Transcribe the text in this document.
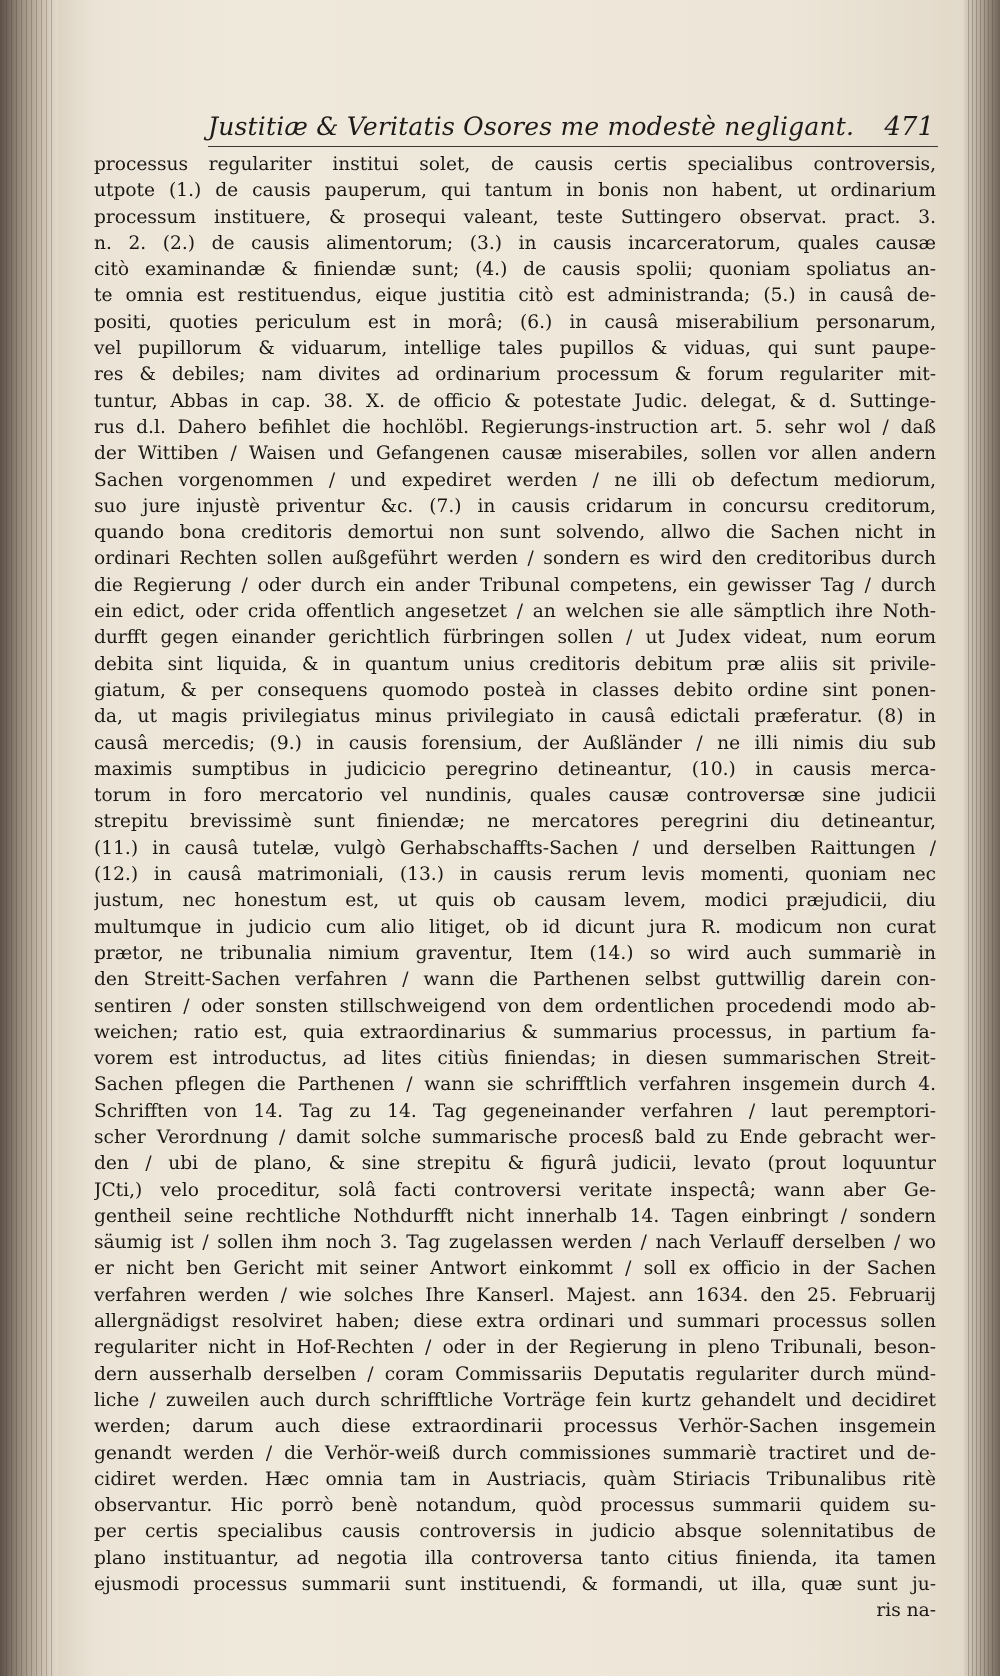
Justitiæ & Veritatis Osores me modestè negligant. 471
processus regulariter institui solet, de causis certis specialibus controversis,
utpote (1.) de causis pauperum, qui tantum in bonis non habent, ut ordinarium
processum instituere, & prosequi valeant, teste Suttingero observat. pract. 3.
n. 2. (2.) de causis alimentorum; (3.) in causis incarceratorum, quales causæ
citò examinandæ & finiendæ sunt; (4.) de causis spolii; quoniam spoliatus an-
te omnia est restituendus, eique justitia citò est administranda; (5.) in causâ de-
positi, quoties periculum est in morâ; (6.) in causâ miserabilium personarum,
vel pupillorum & viduarum, intellige tales pupillos & viduas, qui sunt paupe-
res & debiles; nam divites ad ordinarium processum & forum regulariter mit-
tuntur, Abbas in cap. 38. X. de officio & potestate Judic. delegat, & d. Suttinge-
rus d.l. Dahero befihlet die hochlöbl. Regierungs-instruction art. 5. sehr wol / daß
der Wittiben / Waisen und Gefangenen causæ miserabiles, sollen vor allen andern
Sachen vorgenommen / und expediret werden / ne illi ob defectum mediorum,
suo jure injustè priventur &c. (7.) in causis cridarum in concursu creditorum,
quando bona creditoris demortui non sunt solvendo, allwo die Sachen nicht in
ordinari Rechten sollen außgeführt werden / sondern es wird den creditoribus durch
die Regierung / oder durch ein ander Tribunal competens, ein gewisser Tag / durch
ein edict, oder crida offentlich angesetzet / an welchen sie alle sämptlich ihre Noth-
durfft gegen einander gerichtlich fürbringen sollen / ut Judex videat, num eorum
debita sint liquida, & in quantum unius creditoris debitum præ aliis sit privile-
giatum, & per consequens quomodo posteà in classes debito ordine sint ponen-
da, ut magis privilegiatus minus privilegiato in causâ edictali præferatur. (8) in
causâ mercedis; (9.) in causis forensium, der Außländer / ne illi nimis diu sub
maximis sumptibus in judicicio peregrino detineantur, (10.) in causis merca-
torum in foro mercatorio vel nundinis, quales causæ controversæ sine judicii
strepitu brevissimè sunt finiendæ; ne mercatores peregrini diu detineantur,
(11.) in causâ tutelæ, vulgò Gerhabschaffts-Sachen / und derselben Raittungen /
(12.) in causâ matrimoniali, (13.) in causis rerum levis momenti, quoniam nec
justum, nec honestum est, ut quis ob causam levem, modici præjudicii, diu
multumque in judicio cum alio litiget, ob id dicunt jura R. modicum non curat
prætor, ne tribunalia nimium graventur, Item (14.) so wird auch summariè in
den Streitt-Sachen verfahren / wann die Parthenen selbst guttwillig darein con-
sentiren / oder sonsten stillschweigend von dem ordentlichen procedendi modo ab-
weichen; ratio est, quia extraordinarius & summarius processus, in partium fa-
vorem est introductus, ad lites citiùs finiendas; in diesen summarischen Streit-
Sachen pflegen die Parthenen / wann sie schrifftlich verfahren insgemein durch 4.
Schrifften von 14. Tag zu 14. Tag gegeneinander verfahren / laut peremptori-
scher Verordnung / damit solche summarische procesß bald zu Ende gebracht wer-
den / ubi de plano, & sine strepitu & figurâ judicii, levato (prout loquuntur
JCti,) velo proceditur, solâ facti controversi veritate inspectâ; wann aber Ge-
gentheil seine rechtliche Nothdurfft nicht innerhalb 14. Tagen einbringt / sondern
säumig ist / sollen ihm noch 3. Tag zugelassen werden / nach Verlauff derselben / wo
er nicht ben Gericht mit seiner Antwort einkommt / soll ex officio in der Sachen
verfahren werden / wie solches Ihre Kanserl. Majest. ann 1634. den 25. Februarij
allergnädigst resolviret haben; diese extra ordinari und summari processus sollen
regulariter nicht in Hof-Rechten / oder in der Regierung in pleno Tribunali, beson-
dern ausserhalb derselben / coram Commissariis Deputatis regulariter durch münd-
liche / zuweilen auch durch schrifftliche Vorträge fein kurtz gehandelt und decidiret
werden; darum auch diese extraordinarii processus Verhör-Sachen insgemein
genandt werden / die Verhör-weiß durch commissiones summariè tractiret und de-
cidiret werden. Hæc omnia tam in Austriacis, quàm Stiriacis Tribunalibus ritè
observantur. Hic porrò benè notandum, quòd processus summarii quidem su-
per certis specialibus causis controversis in judicio absque solennitatibus de
plano instituantur, ad negotia illa controversa tanto citius finienda, ita tamen
ejusmodi processus summarii sunt instituendi, & formandi, ut illa, quæ sunt ju-
ris na-
